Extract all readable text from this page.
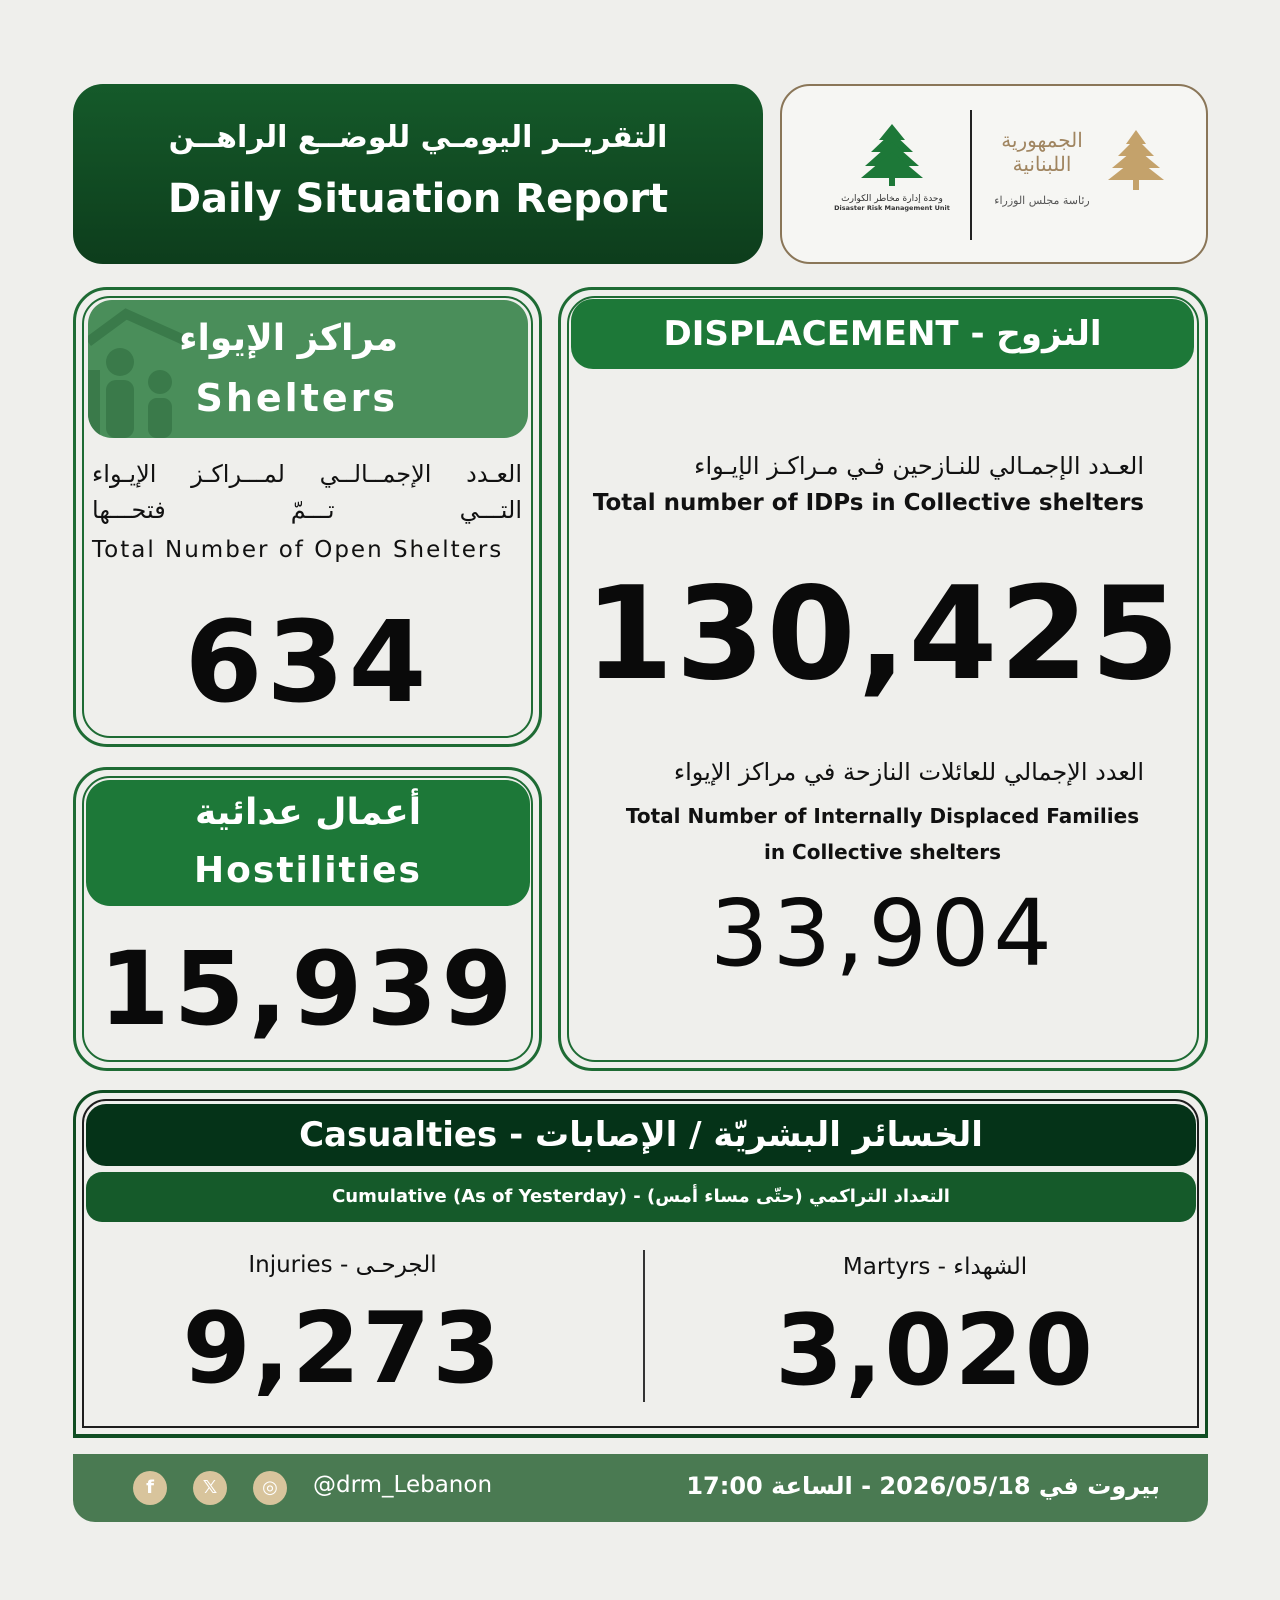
التقريــر اليومـي للوضــع الراهــن
Daily Situation Report	وحدة إدارة مخاطر الكوارث
Disaster Risk Management Unit
الجمهورية اللبنانية
رئاسة مجلس الوزراء
مراكز الإيواء
Shelters
العـدد الإجمــالــي لمـــراكـز الإيـواء
التـــي تـــمّ فتحـــها
Total Number of Open Shelters
634
أعمال عدائية
Hostilities
15,939
DISPLACEMENT - النزوح
العـدد الإجمـالي للنـازحين فـي مـراكـز الإيـواء
Total number of IDPs in Collective shelters
130,425
العدد الإجمالي للعائلات النازحة في مراكز الإيواء
Total Number of Internally Displaced Families
in Collective shelters
33,904
Casualties - الخسائر البشريّة / الإصابات
Cumulative (As of Yesterday) - التعداد التراكمي (حتّى مساء أمس)
Injuries - الجرحـى
9,273
Martyrs - الشهداء
3,020
f	𝕏	◎	@drm_Lebanon	بيروت في 2026/05/18 - الساعة 17:00
